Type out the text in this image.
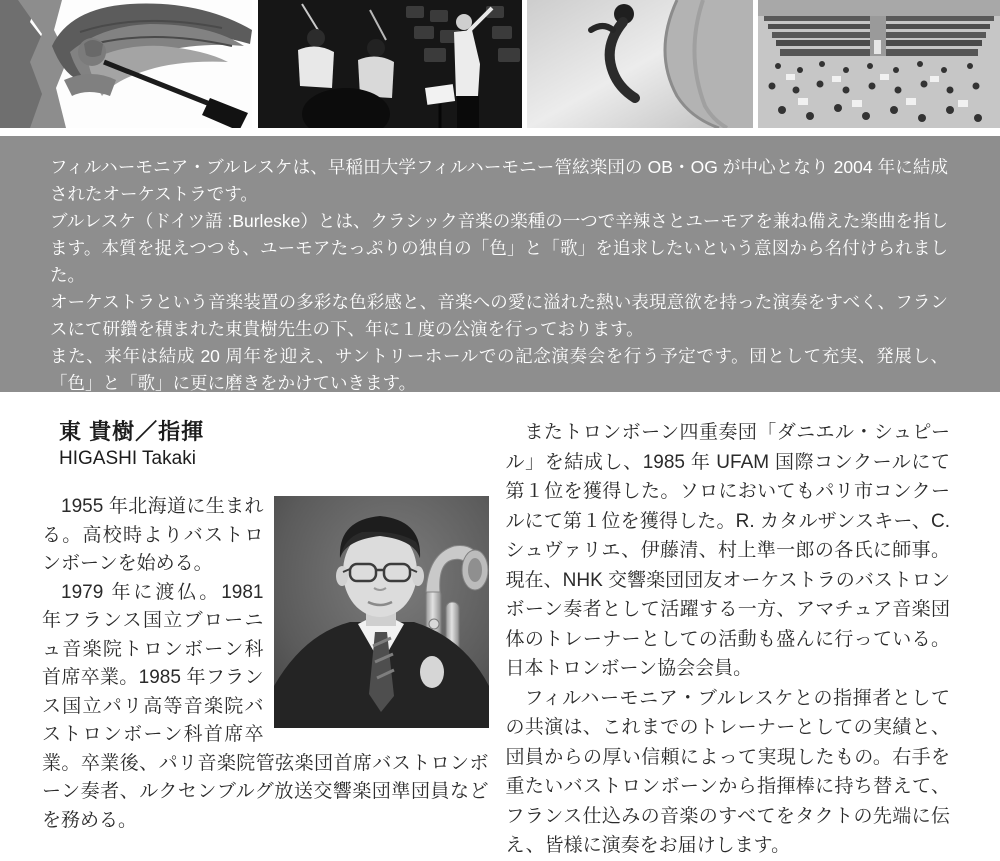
フィルハーモニア・ブルレスケは、早稲田大学フィルハーモニー管絃楽団の OB・OG が中心となり 2004 年に結成されたオーケストラです。

ブルレスケ（ドイツ語 :Burleske）とは、クラシック音楽の楽種の一つで辛辣さとユーモアを兼ね備えた楽曲を指します。本質を捉えつつも、ユーモアたっぷりの独自の「色」と「歌」を追求したいという意図から名付けられました。

オーケストラという音楽装置の多彩な色彩感と、音楽への愛に溢れた熱い表現意欲を持った演奏をすべく、フランスにて研鑽を積まれた東貴樹先生の下、年に１度の公演を行っております。

また、来年は結成 20 周年を迎え、サントリーホールでの記念演奏会を行う予定です。団として充実、発展し、「色」と「歌」に更に磨きをかけていきます。

東 貴樹／指揮
HIGASHI Takaki

1955 年北海道に生まれる。高校時よりバストロンボーンを始める。

1979 年に渡仏。1981 年フランス国立ブローニュ音楽院トロンボーン科首席卒業。1985 年フランス国立パリ高等音楽院バストロンボーン科首席卒業。卒業後、パリ音楽院管弦楽団首席バストロンボーン奏者、ルクセンブルグ放送交響楽団準団員などを務める。

またトロンボーン四重奏団「ダニエル・シュピール」を結成し、1985 年 UFAM 国際コンクールにて第１位を獲得した。ソロにおいてもパリ市コンクールにて第１位を獲得した。R. カタルザンスキー、C. シュヴァリエ、伊藤清、村上準一郎の各氏に師事。現在、NHK 交響楽団団友オーケストラのバストロンボーン奏者として活躍する一方、アマチュア音楽団体のトレーナーとしての活動も盛んに行っている。日本トロンボーン協会会員。

フィルハーモニア・ブルレスケとの指揮者としての共演は、これまでのトレーナーとしての実績と、団員からの厚い信頼によって実現したもの。右手を重たいバストロンボーンから指揮棒に持ち替えて、フランス仕込みの音楽のすべてをタクトの先端に伝え、皆様に演奏をお届けします。
